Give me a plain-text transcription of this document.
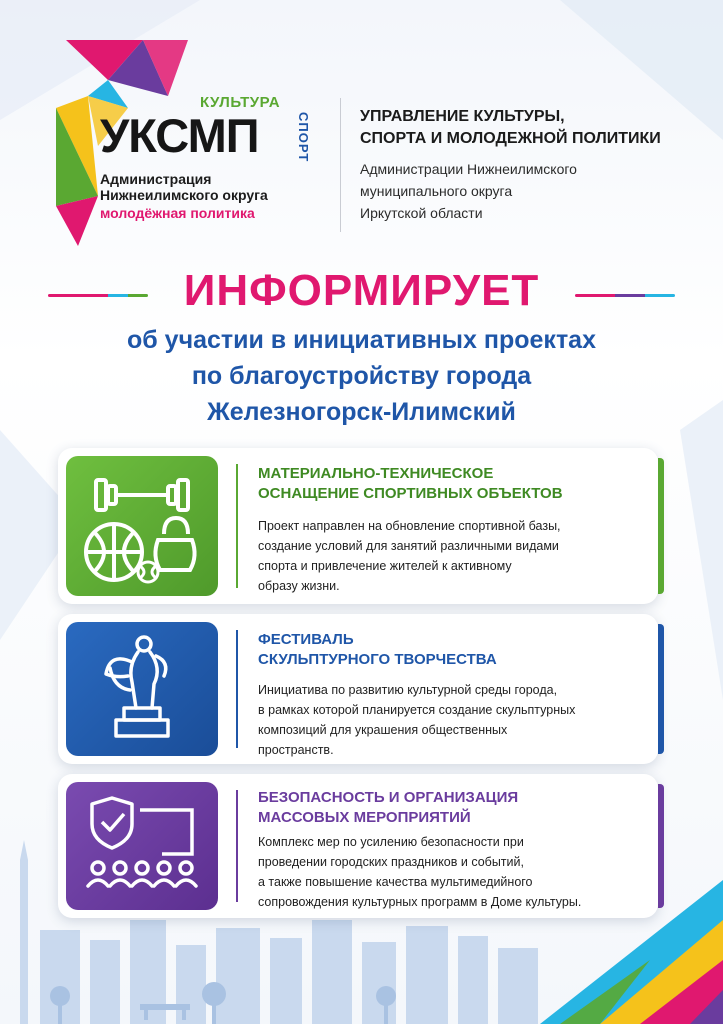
КУЛЬТУРА
УКСМП	СПОРТ
Администрация
Нижнеилимского округа
молодёжная политика
УПРАВЛЕНИЕ КУЛЬТУРЫ,
СПОРТА И МОЛОДЕЖНОЙ ПОЛИТИКИ
Администрации Нижнеилимского
муниципального округа
Иркутской области
ИНФОРМИРУЕТ
об участии в инициативных проектах
по благоустройству города
Железногорск-Илимский
МАТЕРИАЛЬНО-ТЕХНИЧЕСКОЕ
ОСНАЩЕНИЕ СПОРТИВНЫХ ОБЪЕКТОВ
Проект направлен на обновление спортивной базы,
создание условий для занятий различными видами
спорта и привлечение жителей к активному
образу жизни.
ФЕСТИВАЛЬ
СКУЛЬПТУРНОГО ТВОРЧЕСТВА
Инициатива по развитию культурной среды города,
в рамках которой планируется создание скульптурных
композиций для украшения общественных
пространств.
БЕЗОПАСНОСТЬ И ОРГАНИЗАЦИЯ
МАССОВЫХ МЕРОПРИЯТИЙ
Комплекс мер по усилению безопасности при
проведении городских праздников и событий,
а также повышение качества мультимедийного
сопровождения культурных программ в Доме культуры.
